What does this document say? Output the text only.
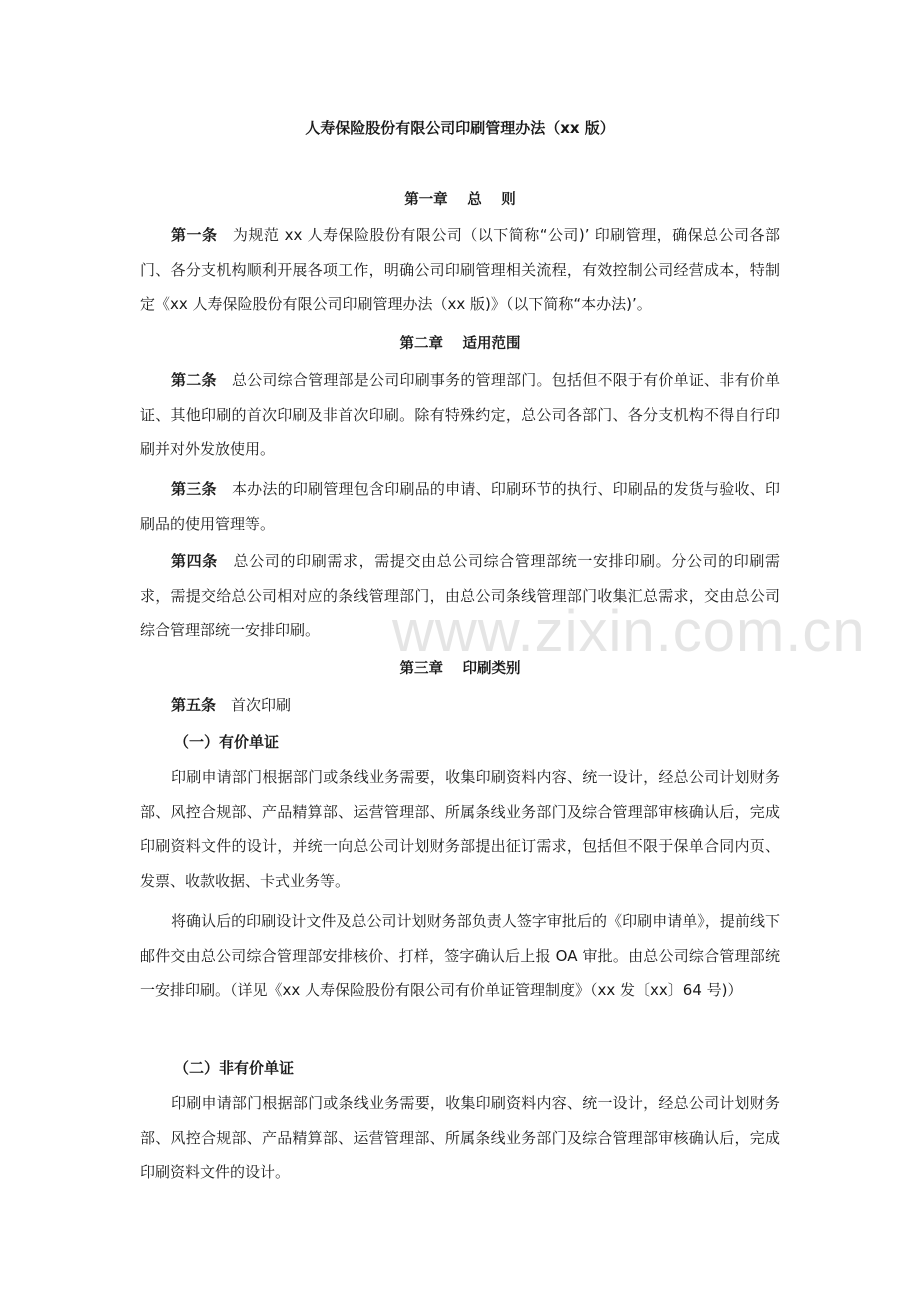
人寿保险股份有限公司印刷管理办法（xx 版）
第一章　 总　 则

第一条　 为规范 xx 人寿保险股份有限公司（以下简称“公司)’ 印刷管理，确保总公司各部门、各分支机构顺利开展各项工作，明确公司印刷管理相关流程，有效控制公司经营成本，特制定《xx 人寿保险股份有限公司印刷管理办法（xx 版)》（以下简称“本办法)’。

第二章　 适用范围

第二条　 总公司综合管理部是公司印刷事务的管理部门。包括但不限于有价单证、非有价单证、其他印刷的首次印刷及非首次印刷。除有特殊约定，总公司各部门、各分支机构不得自行印刷并对外发放使用。

第三条　 本办法的印刷管理包含印刷品的申请、印刷环节的执行、印刷品的发货与验收、印刷品的使用管理等。

第四条　 总公司的印刷需求，需提交由总公司综合管理部统一安排印刷。分公司的印刷需求，需提交给总公司相对应的条线管理部门，由总公司条线管理部门收集汇总需求，交由总公司综合管理部统一安排印刷。

第三章　 印刷类别

第五条　 首次印刷

（一）有价单证

印刷申请部门根据部门或条线业务需要，收集印刷资料内容、统一设计，经总公司计划财务部、风控合规部、产品精算部、运营管理部、所属条线业务部门及综合管理部审核确认后，完成印刷资料文件的设计，并统一向总公司计划财务部提出征订需求，包括但不限于保单合同内页、发票、收款收据、卡式业务等。

将确认后的印刷设计文件及总公司计划财务部负责人签字审批后的《印刷申请单》，提前线下邮件交由总公司综合管理部安排核价、打样，签字确认后上报 OA 审批。由总公司综合管理部统一安排印刷。（详见《xx 人寿保险股份有限公司有价单证管理制度》（xx 发〔xx〕64 号)）

（二）非有价单证

印刷申请部门根据部门或条线业务需要，收集印刷资料内容、统一设计，经总公司计划财务部、风控合规部、产品精算部、运营管理部、所属条线业务部门及综合管理部审核确认后，完成印刷资料文件的设计。

www.zixin.com.cn
